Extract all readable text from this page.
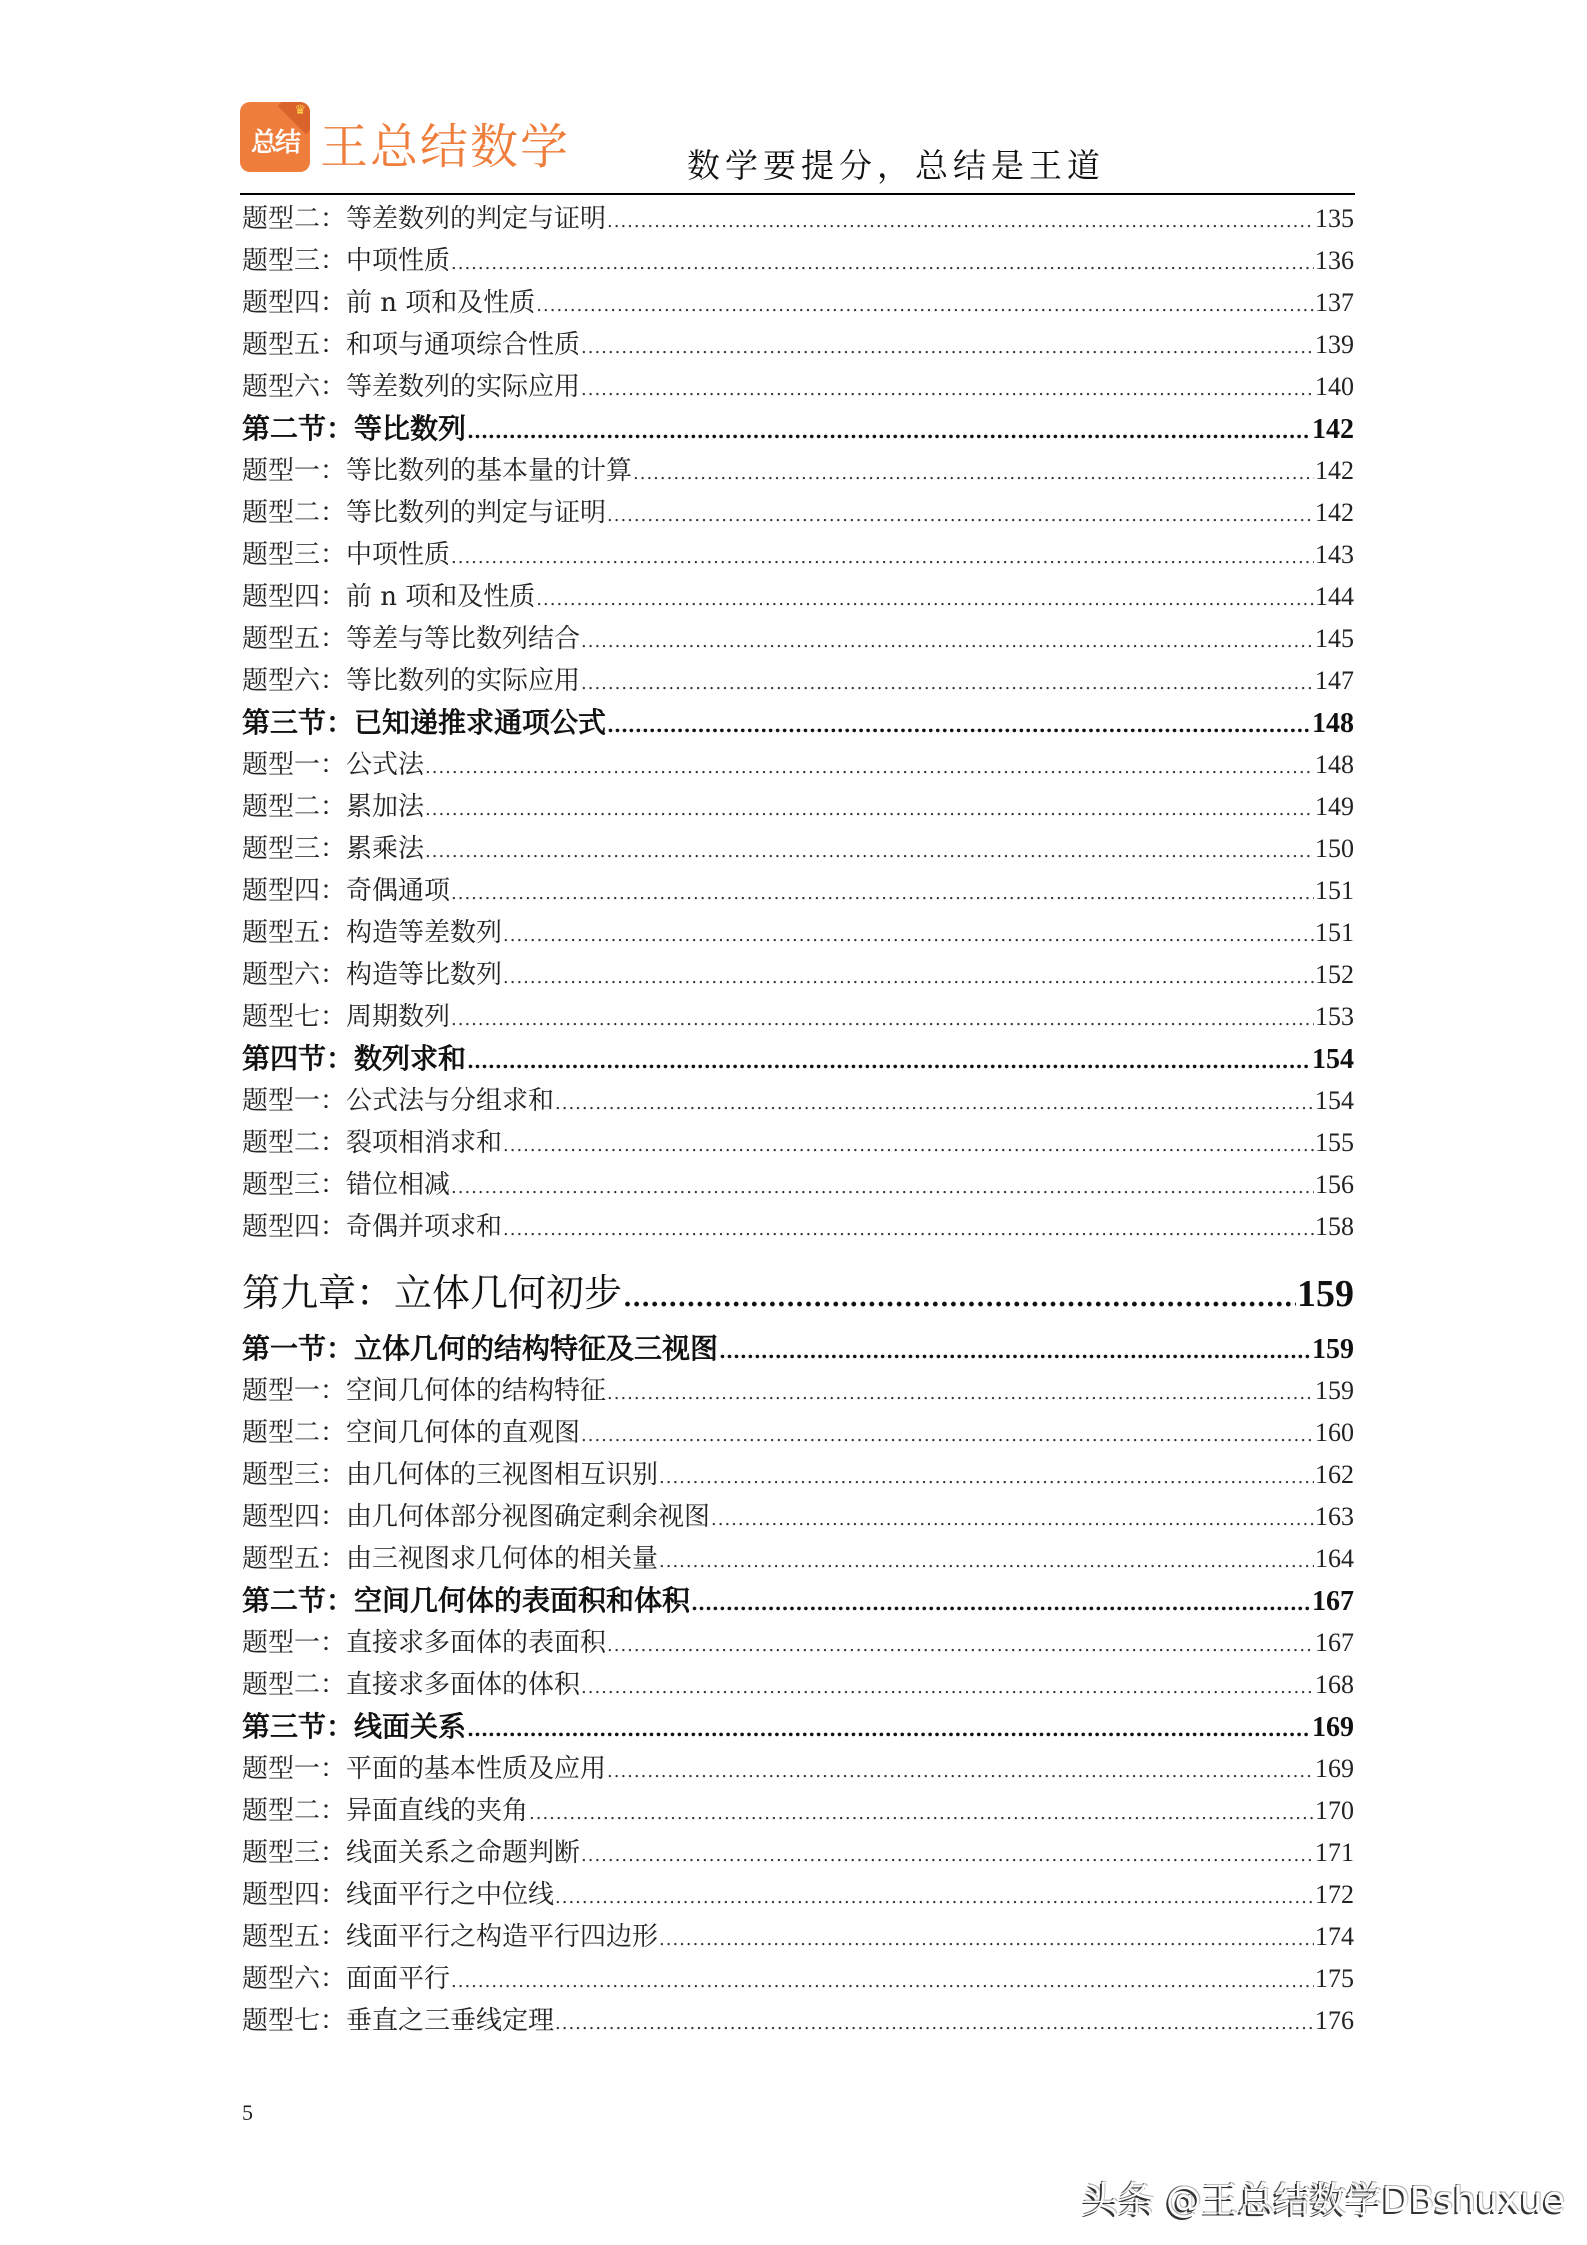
♛
总结 王总结数学	数学要提分，总结是王道
题型二：等差数列的判定与证明 .....	135
题型三：中项性质 .....	136
题型四：前 n 项和及性质 .....	137
题型五：和项与通项综合性质 .....	139
题型六：等差数列的实际应用 .....	140
第二节：等比数列 .....	142
题型一：等比数列的基本量的计算 .....	142
题型二：等比数列的判定与证明 .....	142
题型三：中项性质 .....	143
题型四：前 n 项和及性质 .....	144
题型五：等差与等比数列结合 .....	145
题型六：等比数列的实际应用 .....	147
第三节：已知递推求通项公式 .....	148
题型一：公式法 .....	148
题型二：累加法 .....	149
题型三：累乘法 .....	150
题型四：奇偶通项 .....	151
题型五：构造等差数列 .....	151
题型六：构造等比数列 .....	152
题型七：周期数列 .....	153
第四节：数列求和 .....	154
题型一：公式法与分组求和 .....	154
题型二：裂项相消求和 .....	155
题型三：错位相减 .....	156
题型四：奇偶并项求和 .....	158
第九章：立体几何初步 .....	159
第一节：立体几何的结构特征及三视图 .....	159
题型一：空间几何体的结构特征 .....	159
题型二：空间几何体的直观图 .....	160
题型三：由几何体的三视图相互识别 .....	162
题型四：由几何体部分视图确定剩余视图 .....	163
题型五：由三视图求几何体的相关量 .....	164
第二节：空间几何体的表面积和体积 .....	167
题型一：直接求多面体的表面积 .....	167
题型二：直接求多面体的体积 .....	168
第三节：线面关系 .....	169
题型一：平面的基本性质及应用 .....	169
题型二：异面直线的夹角 .....	170
题型三：线面关系之命题判断 .....	171
题型四：线面平行之中位线 .....	172
题型五：线面平行之构造平行四边形 .....	174
题型六：面面平行 .....	175
题型七：垂直之三垂线定理 .....	176
5
头条 @王总结数学DBshuxue
